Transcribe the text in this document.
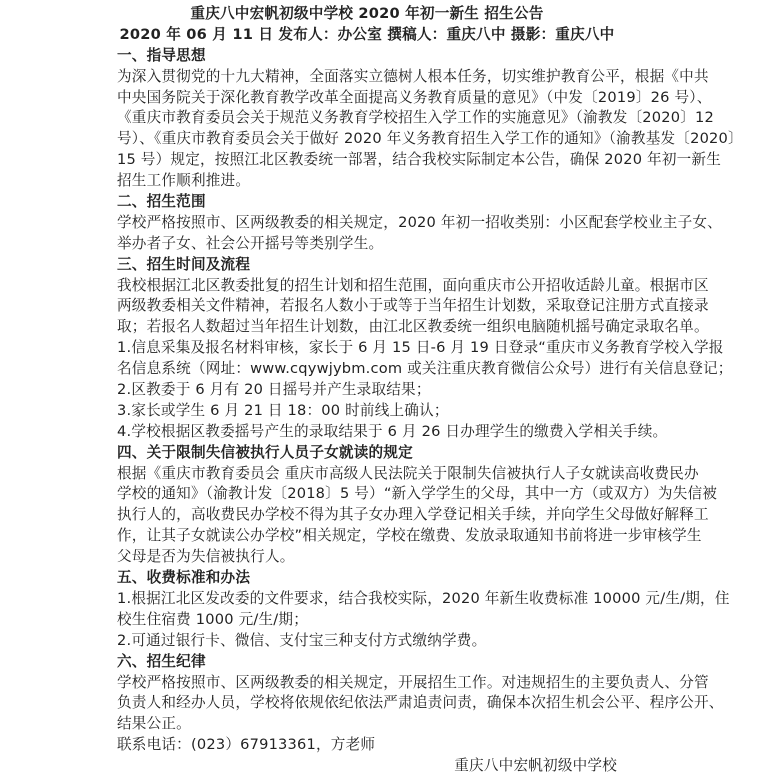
重庆八中宏帆初级中学校 2020 年初一新生 招生公告
2020 年 06 月 11 日 发布人：办公室 撰稿人：重庆八中 摄影：重庆八中
一、指导思想
为深入贯彻党的十九大精神，全面落实立德树人根本任务，切实维护教育公平，根据《中共
中央国务院关于深化教育教学改革全面提高义务教育质量的意见》（中发〔2019〕26 号）、
《重庆市教育委员会关于规范义务教育学校招生入学工作的实施意见》（渝教发〔2020〕12
号）、《重庆市教育委员会关于做好 2020 年义务教育招生入学工作的通知》（渝教基发〔2020〕
15 号）规定，按照江北区教委统一部署，结合我校实际制定本公告，确保 2020 年初一新生
招生工作顺利推进。
二、招生范围
学校严格按照市、区两级教委的相关规定，2020 年初一招收类别：小区配套学校业主子女、
举办者子女、社会公开摇号等类别学生。
三、招生时间及流程
我校根据江北区教委批复的招生计划和招生范围，面向重庆市公开招收适龄儿童。根据市区
两级教委相关文件精神，若报名人数小于或等于当年招生计划数，采取登记注册方式直接录
取；若报名人数超过当年招生计划数，由江北区教委统一组织电脑随机摇号确定录取名单。
1.信息采集及报名材料审核，家长于 6 月 15 日-6 月 19 日登录“重庆市义务教育学校入学报
名信息系统（网址：www.cqywjybm.com 或关注重庆教育微信公众号）进行有关信息登记；
2.区教委于 6 月有 20 日摇号并产生录取结果；
3.家长或学生 6 月 21 日 18：00 时前线上确认；
4.学校根据区教委摇号产生的录取结果于 6 月 26 日办理学生的缴费入学相关手续。
四、关于限制失信被执行人员子女就读的规定
根据《重庆市教育委员会 重庆市高级人民法院关于限制失信被执行人子女就读高收费民办
学校的通知》（渝教计发〔2018〕5 号）“新入学学生的父母，其中一方（或双方）为失信被
执行人的，高收费民办学校不得为其子女办理入学登记相关手续，并向学生父母做好解释工
作，让其子女就读公办学校”相关规定，学校在缴费、发放录取通知书前将进一步审核学生
父母是否为失信被执行人。
五、收费标准和办法
1.根据江北区发改委的文件要求，结合我校实际，2020 年新生收费标准 10000 元/生/期，住
校生住宿费 1000 元/生/期；
2.可通过银行卡、微信、支付宝三种支付方式缴纳学费。
六、招生纪律
学校严格按照市、区两级教委的相关规定，开展招生工作。对违规招生的主要负责人、分管
负责人和经办人员，学校将依规依纪依法严肃追责问责，确保本次招生机会公平、程序公开、
结果公正。
联系电话：(023）67913361，方老师
重庆八中宏帆初级中学校
